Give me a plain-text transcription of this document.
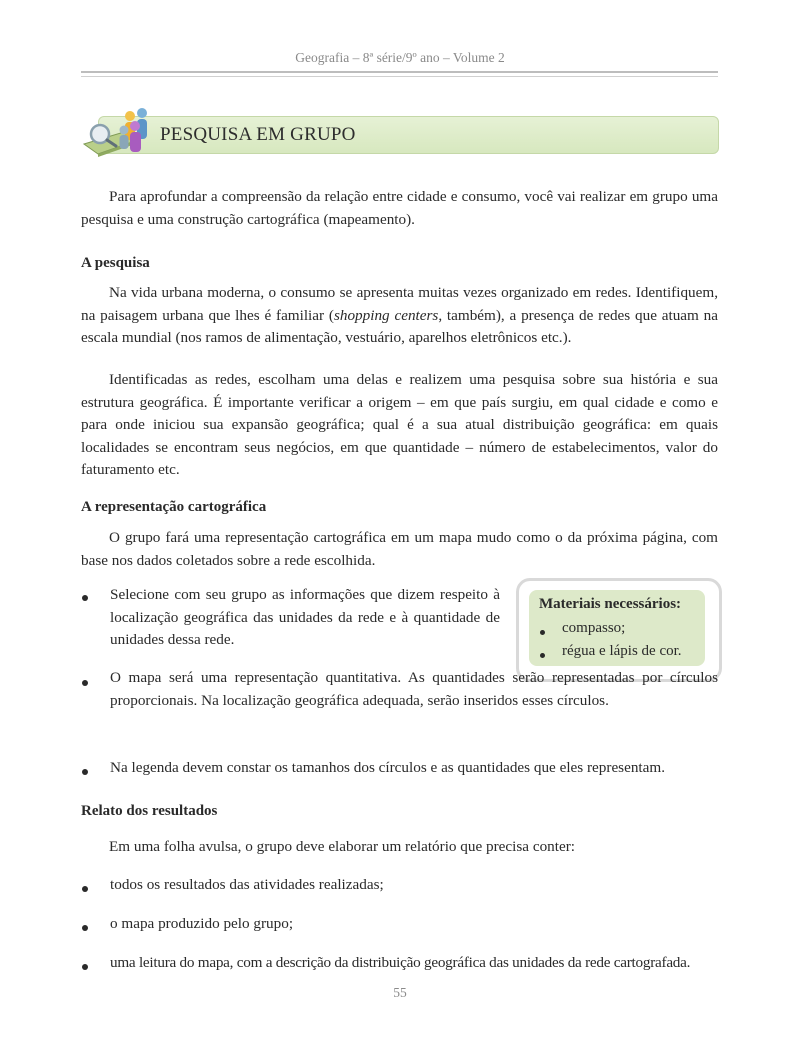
Geografia – 8ª série/9º ano – Volume 2
PESQUISA EM GRUPO

Para aprofundar a compreensão da relação entre cidade e consumo, você vai realizar em grupo uma pesquisa e uma construção cartográfica (mapeamento).

A pesquisa

Na vida urbana moderna, o consumo se apresenta muitas vezes organizado em redes. Identifiquem, na paisagem urbana que lhes é familiar (shopping centers, também), a presença de redes que atuam na escala mundial (nos ramos de alimentação, vestuário, aparelhos eletrônicos etc.).

Identificadas as redes, escolham uma delas e realizem uma pesquisa sobre sua história e sua estrutura geográfica. É importante verificar a origem – em que país surgiu, em qual cidade e como e para onde iniciou sua expansão geográfica; qual é a sua atual distribuição geográfica: em quais localidades se encontram seus negócios, em que quantidade – número de estabelecimentos, valor do faturamento etc.

A representação cartográfica

O grupo fará uma representação cartográfica em um mapa mudo como o da próxima página, com base nos dados coletados sobre a rede escolhida.

Selecione com seu grupo as informações que dizem respeito à localização geográfica das unidades da rede e à quantidade de unidades dessa rede.

Materiais necessários:
compasso;
régua e lápis de cor.

O mapa será uma representação quantitativa. As quantidades serão representadas por círculos proporcionais. Na localização geográfica adequada, serão inseridos esses círculos.

Na legenda devem constar os tamanhos dos círculos e as quantidades que eles representam.

Relato dos resultados

Em uma folha avulsa, o grupo deve elaborar um relatório que precisa conter:

todos os resultados das atividades realizadas;

o mapa produzido pelo grupo;

uma leitura do mapa, com a descrição da distribuição geográfica das unidades da rede cartografada.

55
